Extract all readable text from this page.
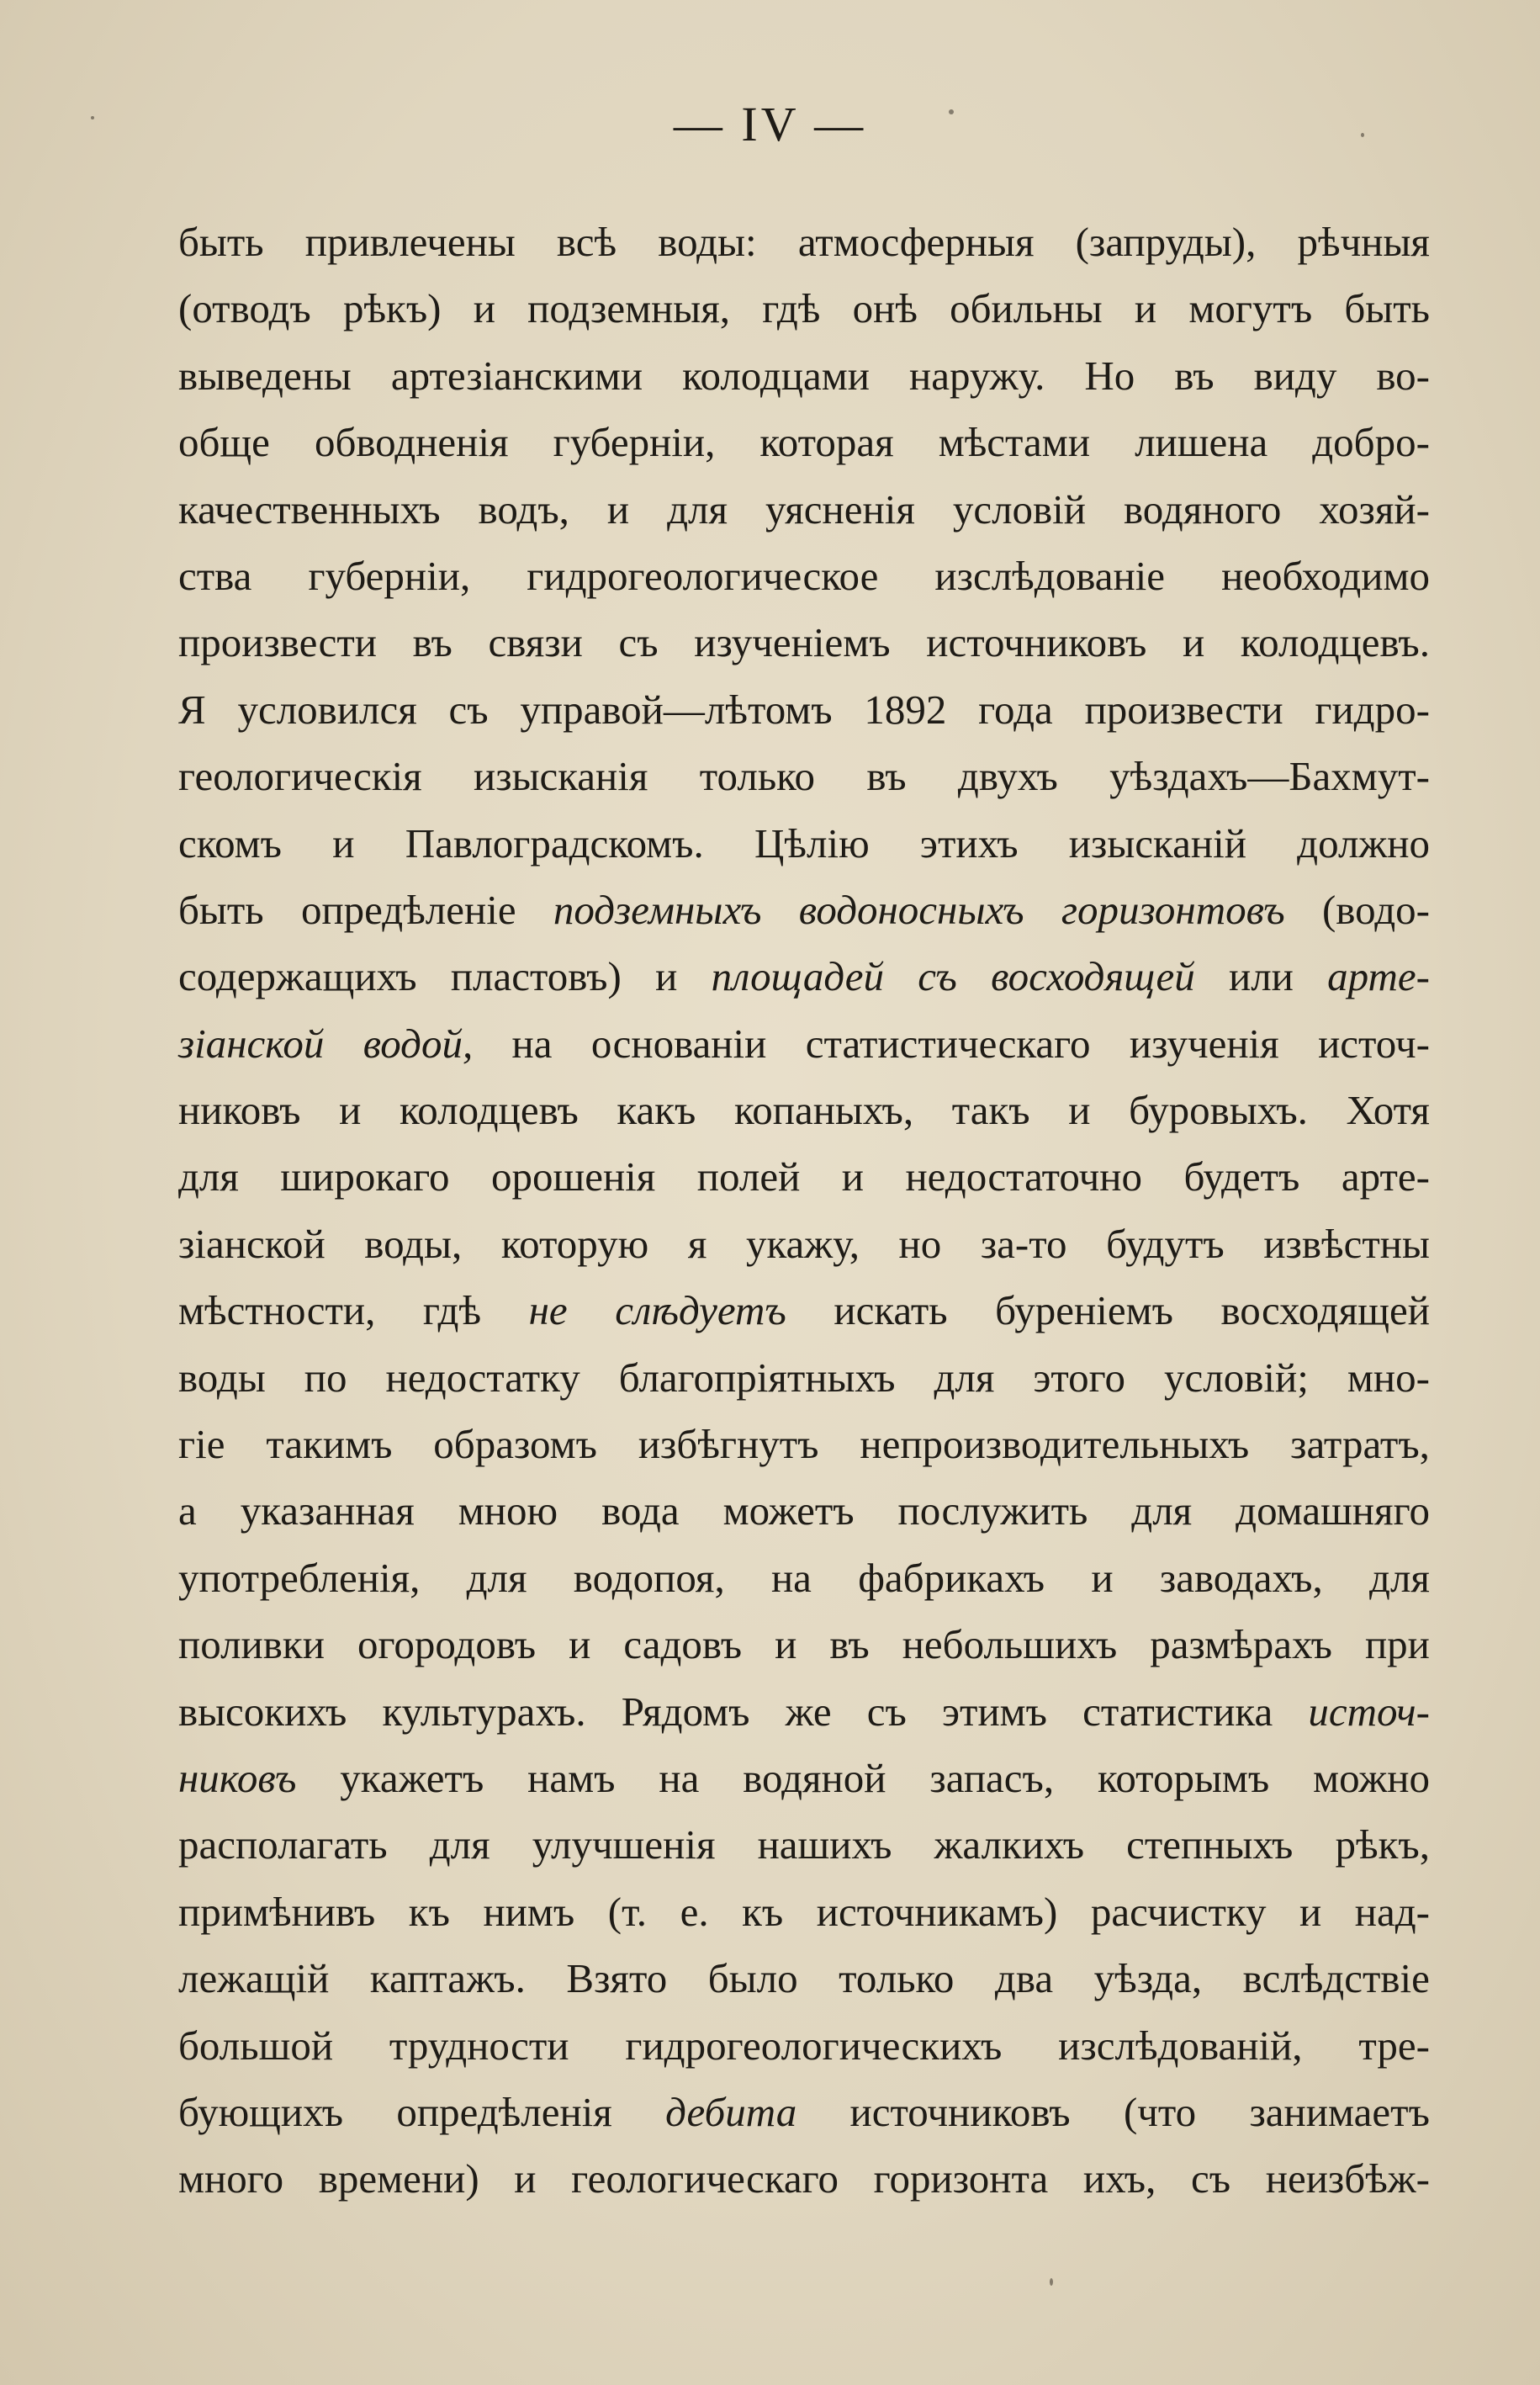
— IV —
быть привлечены всѣ воды: атмосферныя (запруды), рѣчныя
(отводъ рѣкъ) и подземныя, гдѣ онѣ обильны и могутъ быть
выведены артезіанскими колодцами наружу. Но въ виду во-
обще обводненія губерніи, которая мѣстами лишена добро-
качественныхъ водъ, и для уясненія условій водяного хозяй-
ства губерніи, гидрогеологическое изслѣдованіе необходимо
произвести въ связи съ изученіемъ источниковъ и колодцевъ.
Я условился съ управой—лѣтомъ 1892 года произвести гидро-
геологическія изысканія только въ двухъ уѣздахъ—Бахмут-
скомъ и Павлоградскомъ. Цѣлію этихъ изысканій должно
быть опредѣленіе подземныхъ водоносныхъ горизонтовъ (водо-
содержащихъ пластовъ) и площадей съ восходящей или арте-
зіанской водой, на основаніи статистическаго изученія источ-
никовъ и колодцевъ какъ копаныхъ, такъ и буровыхъ. Хотя
для широкаго орошенія полей и недостаточно будетъ арте-
зіанской воды, которую я укажу, но за-то будутъ извѣстны
мѣстности, гдѣ не слѣдуетъ искать буреніемъ восходящей
воды по недостатку благопріятныхъ для этого условій; мно-
гіе такимъ образомъ избѣгнутъ непроизводительныхъ затратъ,
а указанная мною вода можетъ послужить для домашняго
употребленія, для водопоя, на фабрикахъ и заводахъ, для
поливки огородовъ и садовъ и въ небольшихъ размѣрахъ при
высокихъ культурахъ. Рядомъ же съ этимъ статистика источ-
никовъ укажетъ намъ на водяной запасъ, которымъ можно
располагать для улучшенія нашихъ жалкихъ степныхъ рѣкъ,
примѣнивъ къ нимъ (т. е. къ источникамъ) расчистку и над-
лежащій каптажъ. Взято было только два уѣзда, вслѣдствіе
большой трудности гидрогеологическихъ изслѣдованій, тре-
бующихъ опредѣленія дебита источниковъ (что занимаетъ
много времени) и геологическаго горизонта ихъ, съ неизбѣж-
